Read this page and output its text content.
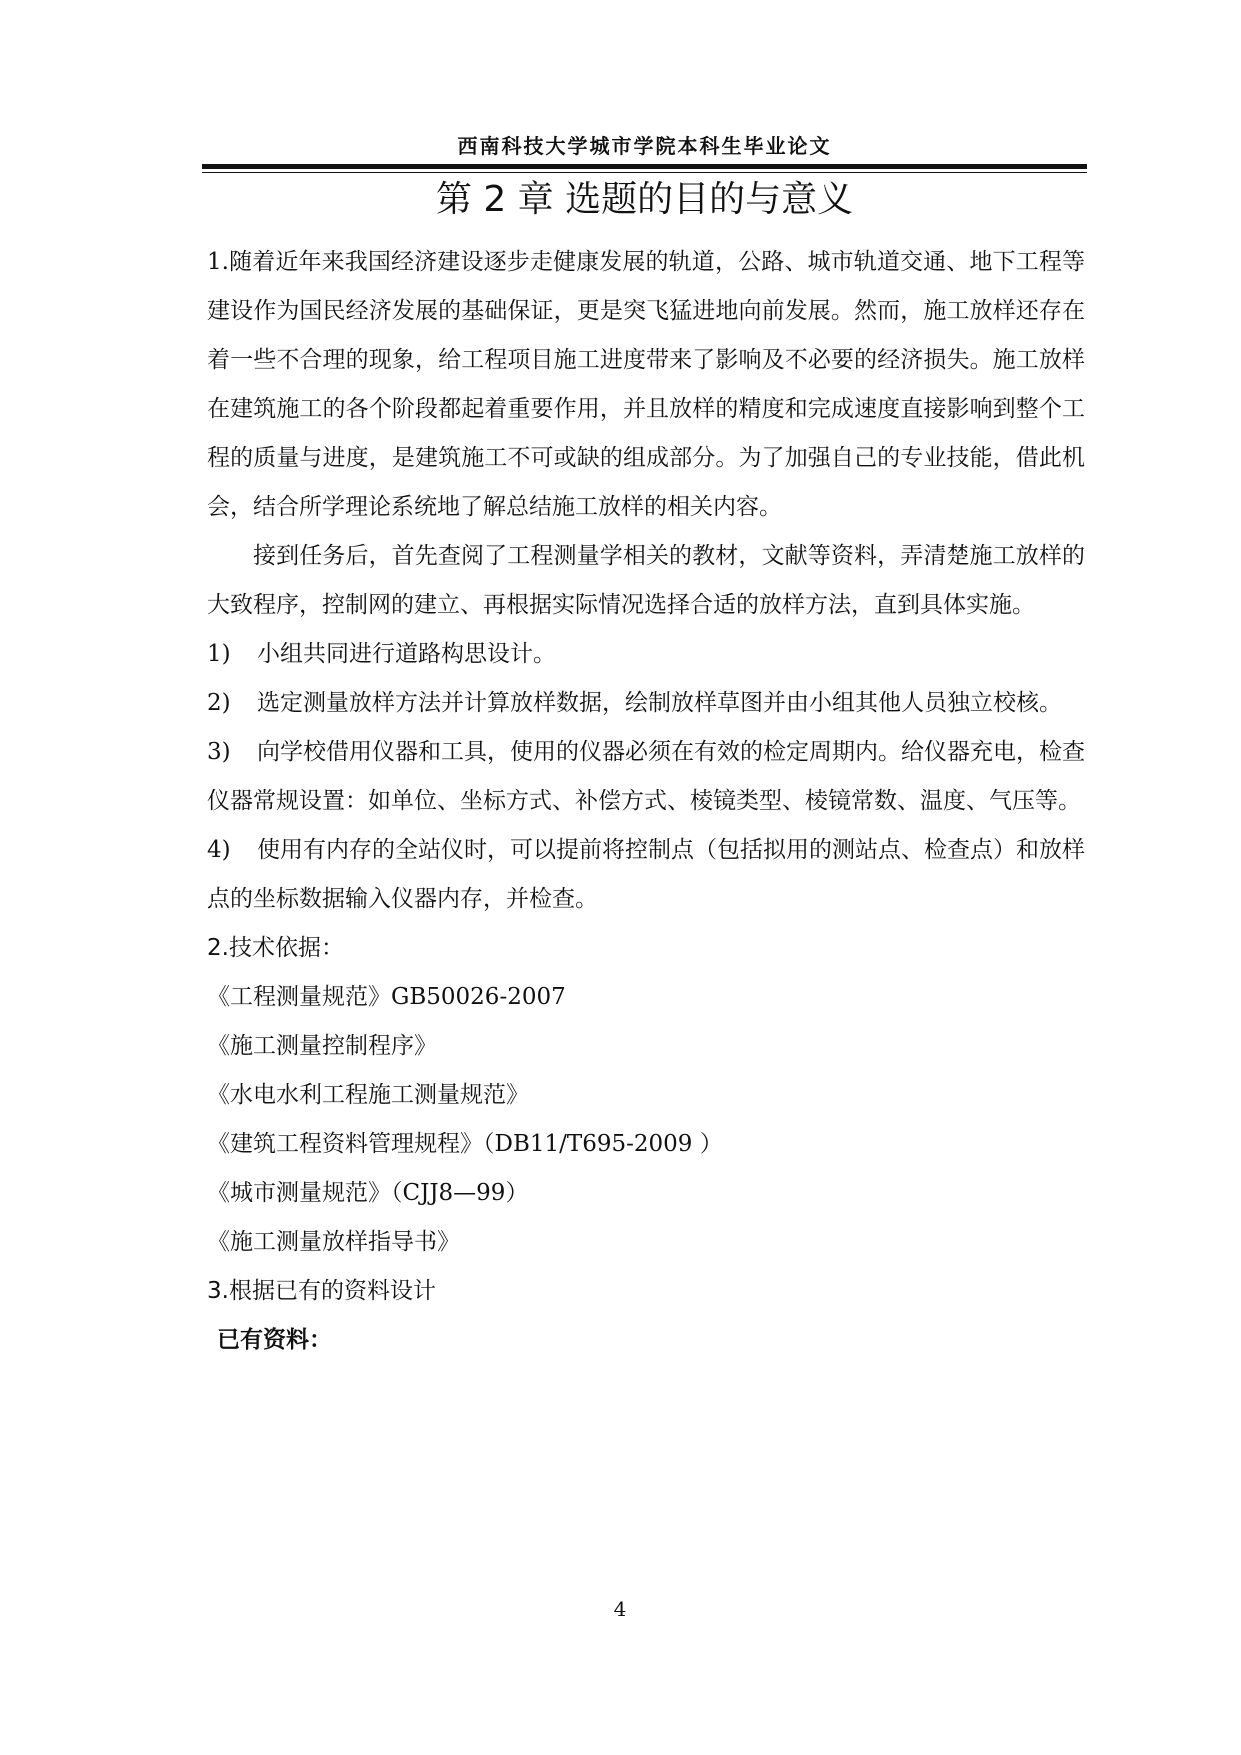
西南科技大学城市学院本科生毕业论文
第 2 章 选题的目的与意义

1.随着近年来我国经济建设逐步走健康发展的轨道，公路、城市轨道交通、地下工程等建设作为国民经济发展的基础保证，更是突飞猛进地向前发展。然而，施工放样还存在着一些不合理的现象，给工程项目施工进度带来了影响及不必要的经济损失。施工放样在建筑施工的各个阶段都起着重要作用，并且放样的精度和完成速度直接影响到整个工程的质量与进度，是建筑施工不可或缺的组成部分。为了加强自己的专业技能，借此机会，结合所学理论系统地了解总结施工放样的相关内容。

接到任务后，首先查阅了工程测量学相关的教材，文献等资料，弄清楚施工放样的大致程序，控制网的建立、再根据实际情况选择合适的放样方法，直到具体实施。

1)	小组共同进行道路构思设计。

2) 选定测量放样方法并计算放样数据，绘制放样草图并由小组其他人员独立校核。

3) 向学校借用仪器和工具，使用的仪器必须在有效的检定周期内。给仪器充电，检查仪器常规设置：如单位、坐标方式、补偿方式、棱镜类型、棱镜常数、温度、气压等。

4) 使用有内存的全站仪时，可以提前将控制点（包括拟用的测站点、检查点）和放样点的坐标数据输入仪器内存，并检查。

2.技术依据：

《工程测量规范》GB50026-2007

《施工测量控制程序》

《水电水利工程施工测量规范》

《建筑工程资料管理规程》（DB11/T695-2009 ）

《城市测量规范》（CJJ8—99）

《施工测量放样指导书》

3.根据已有的资料设计

已有资料：

4
